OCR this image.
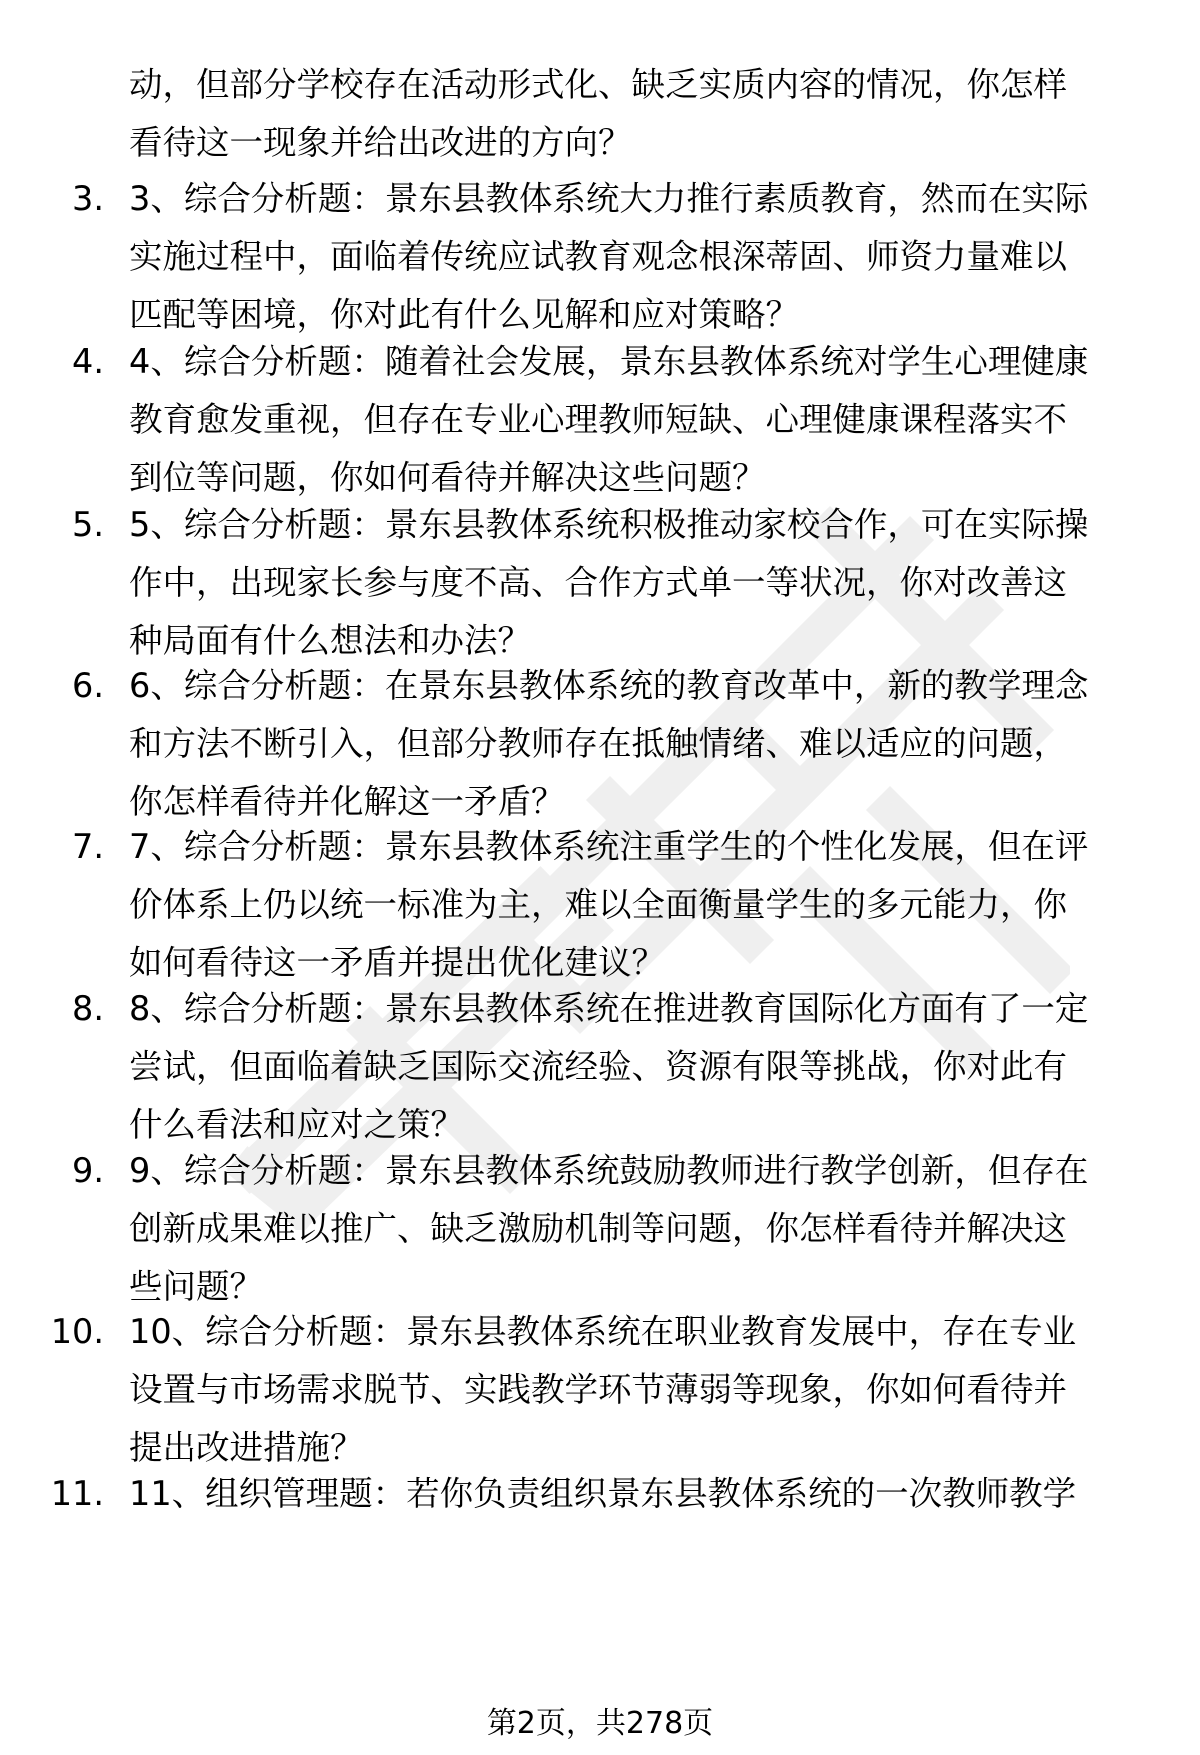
动，但部分学校存在活动形式化、缺乏实质内容的情况，你怎样
看待这一现象并给出改进的方向？
3. 3、综合分析题：景东县教体系统大力推行素质教育，然而在实际
实施过程中，面临着传统应试教育观念根深蒂固、师资力量难以
匹配等困境，你对此有什么见解和应对策略？
4. 4、综合分析题：随着社会发展，景东县教体系统对学生心理健康
教育愈发重视，但存在专业心理教师短缺、心理健康课程落实不
到位等问题，你如何看待并解决这些问题？
5. 5、综合分析题：景东县教体系统积极推动家校合作，可在实际操
作中，出现家长参与度不高、合作方式单一等状况，你对改善这
种局面有什么想法和办法？
6. 6、综合分析题：在景东县教体系统的教育改革中，新的教学理念
和方法不断引入，但部分教师存在抵触情绪、难以适应的问题，
你怎样看待并化解这一矛盾？
7. 7、综合分析题：景东县教体系统注重学生的个性化发展，但在评
价体系上仍以统一标准为主，难以全面衡量学生的多元能力，你
如何看待这一矛盾并提出优化建议？
8. 8、综合分析题：景东县教体系统在推进教育国际化方面有了一定
尝试，但面临着缺乏国际交流经验、资源有限等挑战，你对此有
什么看法和应对之策？
9. 9、综合分析题：景东县教体系统鼓励教师进行教学创新，但存在
创新成果难以推广、缺乏激励机制等问题，你怎样看待并解决这
些问题？
10. 10、综合分析题：景东县教体系统在职业教育发展中，存在专业
设置与市场需求脱节、实践教学环节薄弱等现象，你如何看待并
提出改进措施？
11. 11、组织管理题：若你负责组织景东县教体系统的一次教师教学
第2页，共278页
